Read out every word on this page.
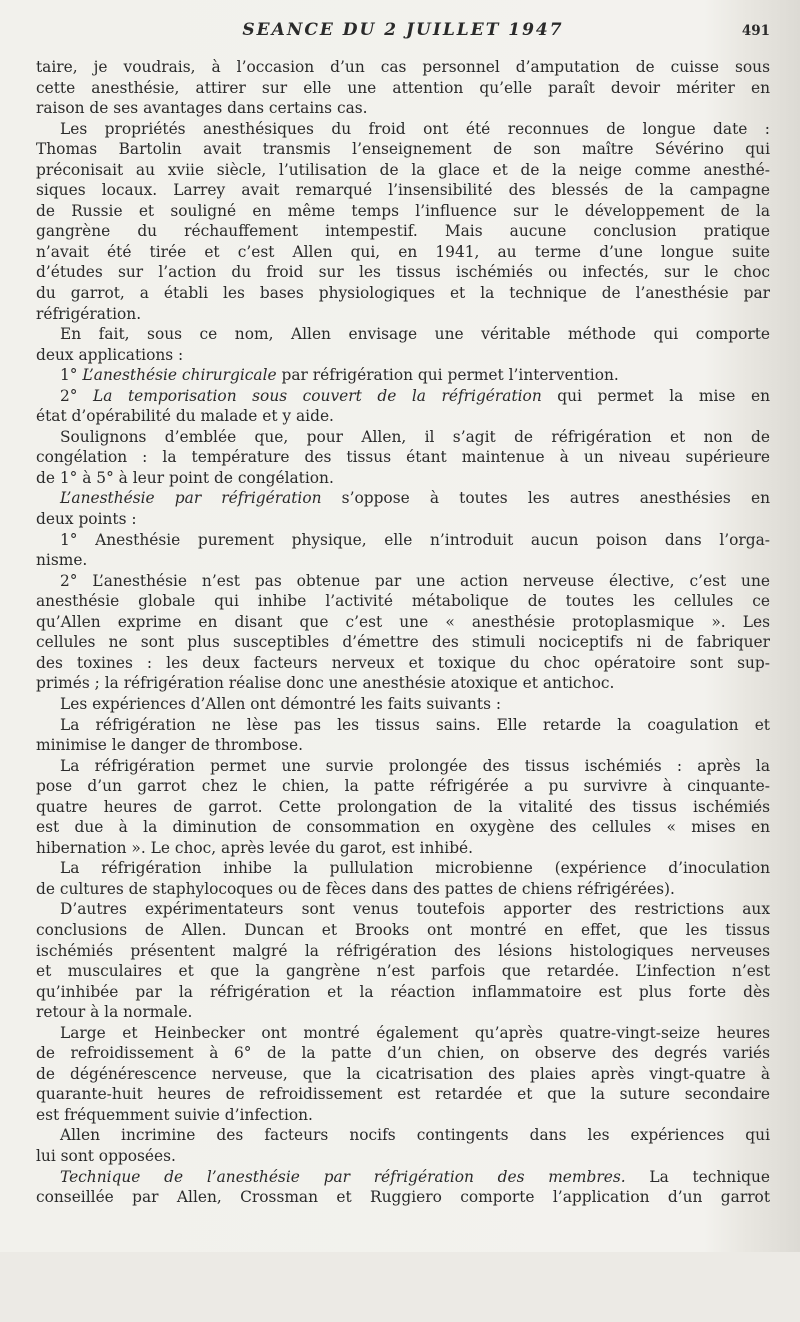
SEANCE DU 2 JUILLET 1947	491
taire, je voudrais, à l’occasion d’un cas personnel d’amputation de cuisse sous
cette anesthésie, attirer sur elle une attention qu’elle paraît devoir mériter en
raison de ses avantages dans certains cas.
Les propriétés anesthésiques du froid ont été reconnues de longue date :
Thomas Bartolin avait transmis l’enseignement de son maître Sévérino qui
préconisait au xviie siècle, l’utilisation de la glace et de la neige comme anesthé-
siques locaux. Larrey avait remarqué l’insensibilité des blessés de la campagne
de Russie et souligné en même temps l’influence sur le développement de la
gangrène du réchauffement intempestif. Mais aucune conclusion pratique
n’avait été tirée et c’est Allen qui, en 1941, au terme d’une longue suite
d’études sur l’action du froid sur les tissus ischémiés ou infectés, sur le choc
du garrot, a établi les bases physiologiques et la technique de l’anesthésie par
réfrigération.
En fait, sous ce nom, Allen envisage une véritable méthode qui comporte
deux applications :
1° L’anesthésie chirurgicale par réfrigération qui permet l’intervention.
2° La temporisation sous couvert de la réfrigération qui permet la mise en
état d’opérabilité du malade et y aide.
Soulignons d’emblée que, pour Allen, il s’agit de réfrigération et non de
congélation : la température des tissus étant maintenue à un niveau supérieure
de 1° à 5° à leur point de congélation.
L’anesthésie par réfrigération s’oppose à toutes les autres anesthésies en
deux points :
1° Anesthésie purement physique, elle n’introduit aucun poison dans l’orga-
nisme.
2° L’anesthésie n’est pas obtenue par une action nerveuse élective, c’est une
anesthésie globale qui inhibe l’activité métabolique de toutes les cellules ce
qu’Allen exprime en disant que c’est une « anesthésie protoplasmique ». Les
cellules ne sont plus susceptibles d’émettre des stimuli nociceptifs ni de fabriquer
des toxines : les deux facteurs nerveux et toxique du choc opératoire sont sup-
primés ; la réfrigération réalise donc une anesthésie atoxique et antichoc.
Les expériences d’Allen ont démontré les faits suivants :
La réfrigération ne lèse pas les tissus sains. Elle retarde la coagulation et
minimise le danger de thrombose.
La réfrigération permet une survie prolongée des tissus ischémiés : après la
pose d’un garrot chez le chien, la patte réfrigérée a pu survivre à cinquante-
quatre heures de garrot. Cette prolongation de la vitalité des tissus ischémiés
est due à la diminution de consommation en oxygène des cellules « mises en
hibernation ». Le choc, après levée du garot, est inhibé.
La réfrigération inhibe la pullulation microbienne (expérience d’inoculation
de cultures de staphylocoques ou de fèces dans des pattes de chiens réfrigérées).
D’autres expérimentateurs sont venus toutefois apporter des restrictions aux
conclusions de Allen. Duncan et Brooks ont montré en effet, que les tissus
ischémiés présentent malgré la réfrigération des lésions histologiques nerveuses
et musculaires et que la gangrène n’est parfois que retardée. L’infection n’est
qu’inhibée par la réfrigération et la réaction inflammatoire est plus forte dès
retour à la normale.
Large et Heinbecker ont montré également qu’après quatre-vingt-seize heures
de refroidissement à 6° de la patte d’un chien, on observe des degrés variés
de dégénérescence nerveuse, que la cicatrisation des plaies après vingt-quatre à
quarante-huit heures de refroidissement est retardée et que la suture secondaire
est fréquemment suivie d’infection.
Allen incrimine des facteurs nocifs contingents dans les expériences qui
lui sont opposées.
Technique de l’anesthésie par réfrigération des membres. La technique
conseillée par Allen, Crossman et Ruggiero comporte l’application d’un garrot
